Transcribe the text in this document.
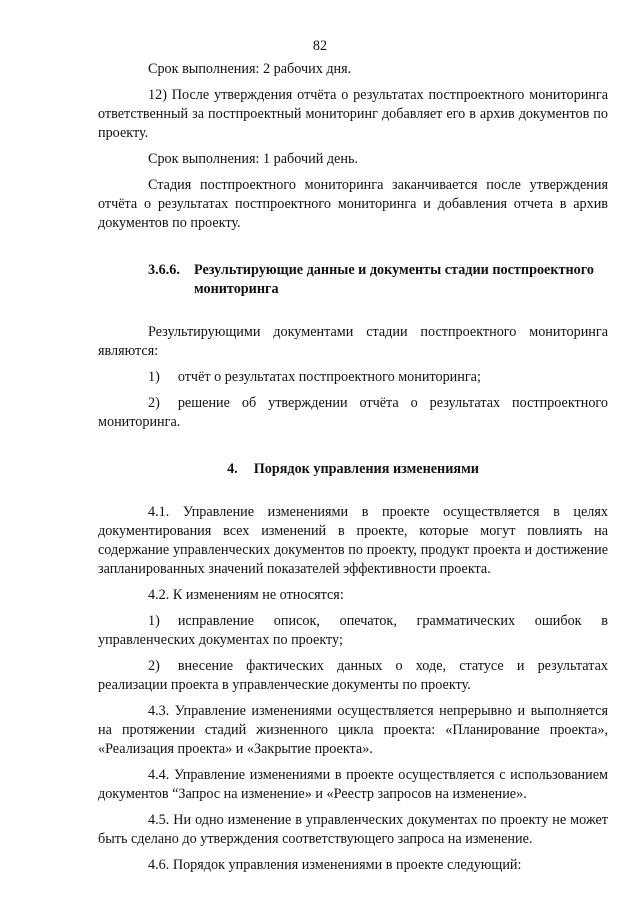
82

Срок выполнения: 2 рабочих дня.

12) После утверждения отчёта о результатах постпроектного мониторинга ответственный за постпроектный мониторинг добавляет его в архив документов по проекту.

Срок выполнения: 1 рабочий день.

Стадия постпроектного мониторинга заканчивается после утверждения отчёта о результатах постпроектного мониторинга и добавления отчета в архив документов по проекту.

3.6.6. Результирующие данные и документы стадии постпроектного мониторинга

Результирующими документами стадии постпроектного мониторинга являются:

1) отчёт о результатах постпроектного мониторинга;

2) решение об утверждении отчёта о результатах постпроектного мониторинга.

4. Порядок управления изменениями

4.1. Управление изменениями в проекте осуществляется в целях документирования всех изменений в проекте, которые могут повлиять на содержание управленческих документов по проекту, продукт проекта и достижение запланированных значений показателей эффективности проекта.

4.2. К изменениям не относятся:

1) исправление описок, опечаток, грамматических ошибок в управленческих документах по проекту;

2) внесение фактических данных о ходе, статусе и результатах реализации проекта в управленческие документы по проекту.

4.3. Управление изменениями осуществляется непрерывно и выполняется на протяжении стадий жизненного цикла проекта: «Планирование проекта», «Реализация проекта» и «Закрытие проекта».

4.4. Управление изменениями в проекте осуществляется с использованием документов “Запрос на изменение» и «Реестр запросов на изменение».

4.5. Ни одно изменение в управленческих документах по проекту не может быть сделано до утверждения соответствующего запроса на изменение.

4.6. Порядок управления изменениями в проекте следующий:
